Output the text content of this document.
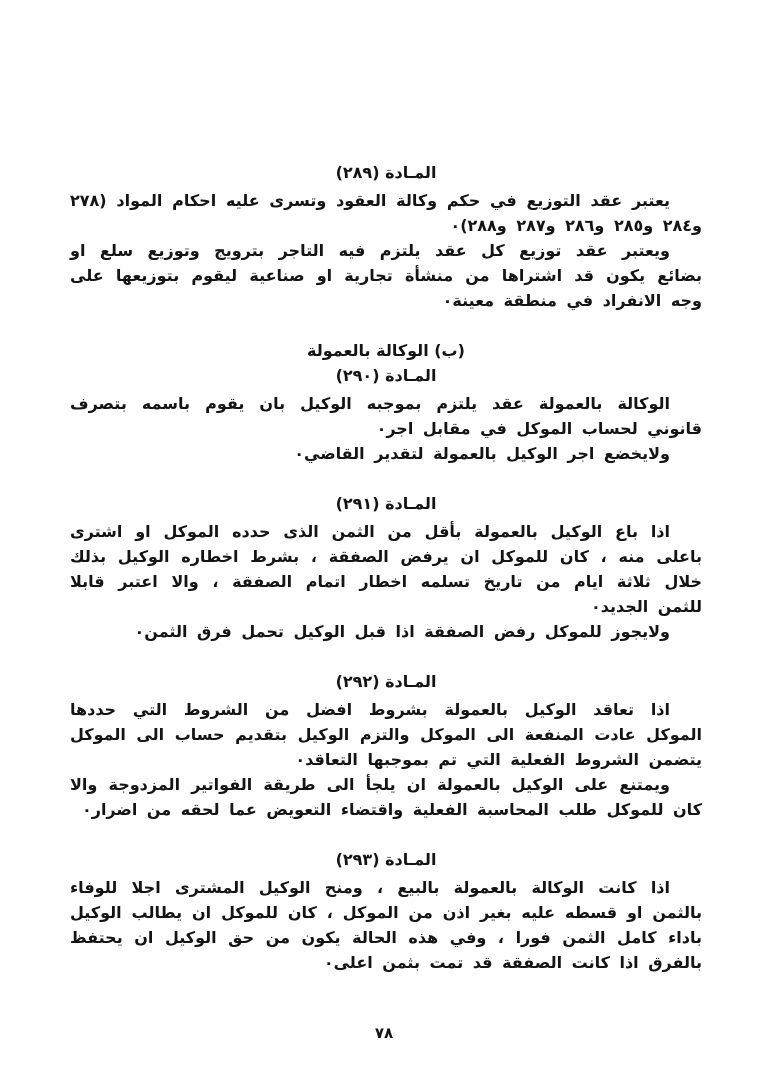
المـادة (٢٨٩)

يعتبر عقد التوزيع في حكم وكالة العقود وتسرى عليه احكام المواد (٢٧٨ و٢٨٤ و٢٨٥ و٢٨٦ و٢٨٧ و٢٨٨)٠

ويعتبر عقد توزيع كل عقد يلتزم فيه التاجر بترويج وتوزيع سلع او بضائع يكون قد اشتراها من منشأة تجارية او صناعية ليقوم بتوزيعها على وجه الانفراد في منطقة معينة٠

(ب) الوكالة بالعمولة
المـادة (٢٩٠)

الوكالة بالعمولة عقد يلتزم بموجبه الوكيل بان يقوم باسمه بتصرف قانوني لحساب الموكل في مقابل اجر٠

ولايخضع اجر الوكيل بالعمولة لتقدير القاضي٠

المـادة (٢٩١)

اذا باع الوكيل بالعمولة بأقل من الثمن الذى حدده الموكل او اشترى باعلى منه ، كان للموكل ان يرفض الصفقة ، بشرط اخطاره الوكيل بذلك خلال ثلاثة ايام من تاريخ تسلمه اخطار اتمام الصفقة ، والا اعتبر قابلا للثمن الجديد٠

ولايجوز للموكل رفض الصفقة اذا قبل الوكيل تحمل فرق الثمن٠

المـادة (٢٩٢)

اذا تعاقد الوكيل بالعمولة بشروط افضل من الشروط التي حددها الموكل عادت المنفعة الى الموكل والتزم الوكيل بتقديم حساب الى الموكل يتضمن الشروط الفعلية التي تم بموجبها التعاقد٠

ويمتنع على الوكيل بالعمولة ان يلجأ الى طريقة الفواتير المزدوجة والا كان للموكل طلب المحاسبة الفعلية واقتضاء التعويض عما لحقه من اضرار٠

المـادة (٢٩٣)

اذا كانت الوكالة بالعمولة بالبيع ، ومنح الوكيل المشترى اجلا للوفاء بالثمن او قسطه عليه بغير اذن من الموكل ، كان للموكل ان يطالب الوكيل باداء كامل الثمن فورا ، وفي هذه الحالة يكون من حق الوكيل ان يحتفظ بالفرق اذا كانت الصفقة قد تمت بثمن اعلى٠

٧٨
